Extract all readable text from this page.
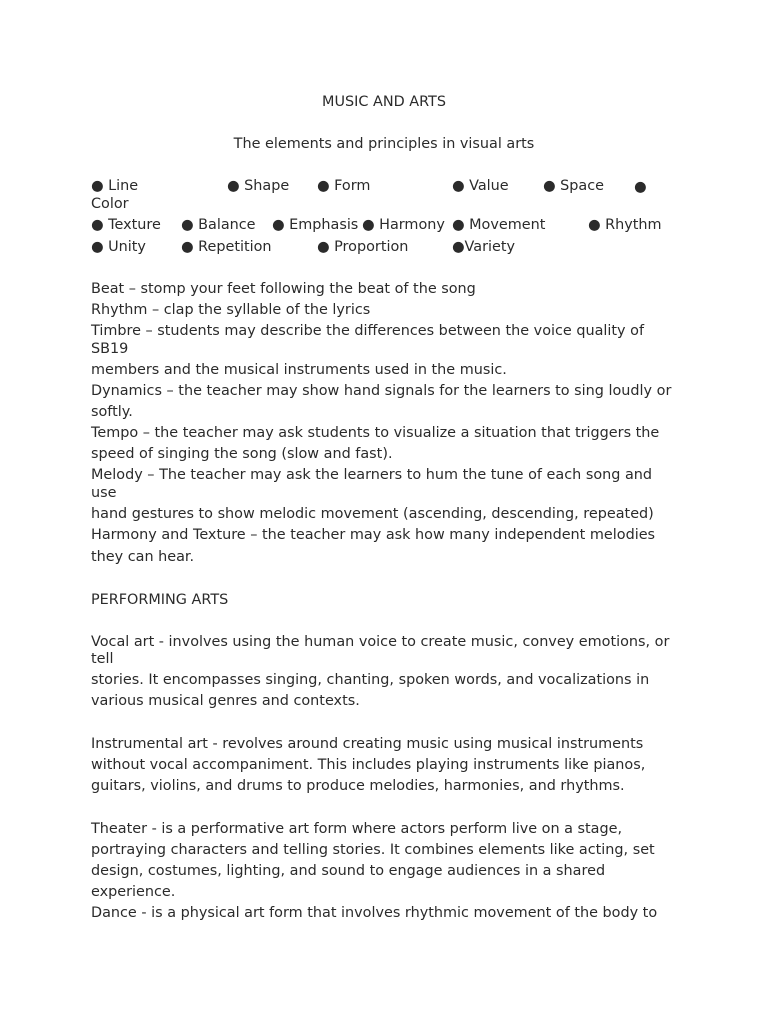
MUSIC AND ARTS
The elements and principles in visual arts
● Line	● Shape ● Form	● Value ● Space ●
Color
● Texture ● Balance ● Emphasis ● Harmony ● Movement	● Rhythm
● Unity ● Repetition	● Proportion	●Variety
Beat – stomp your feet following the beat of the song
Rhythm – clap the syllable of the lyrics
Timbre – students may describe the differences between the voice quality of
SB19
members and the musical instruments used in the music.
Dynamics – the teacher may show hand signals for the learners to sing loudly or
softly.
Tempo – the teacher may ask students to visualize a situation that triggers the
speed of singing the song (slow and fast).
Melody – The teacher may ask the learners to hum the tune of each song and
use
hand gestures to show melodic movement (ascending, descending, repeated)
Harmony and Texture – the teacher may ask how many independent melodies
they can hear.
PERFORMING ARTS
Vocal art - involves using the human voice to create music, convey emotions, or
tell
stories. It encompasses singing, chanting, spoken words, and vocalizations in
various musical genres and contexts.
Instrumental art - revolves around creating music using musical instruments
without vocal accompaniment. This includes playing instruments like pianos,
guitars, violins, and drums to produce melodies, harmonies, and rhythms.
Theater - is a performative art form where actors perform live on a stage,
portraying characters and telling stories. It combines elements like acting, set
design, costumes, lighting, and sound to engage audiences in a shared
experience.
Dance - is a physical art form that involves rhythmic movement of the body to
